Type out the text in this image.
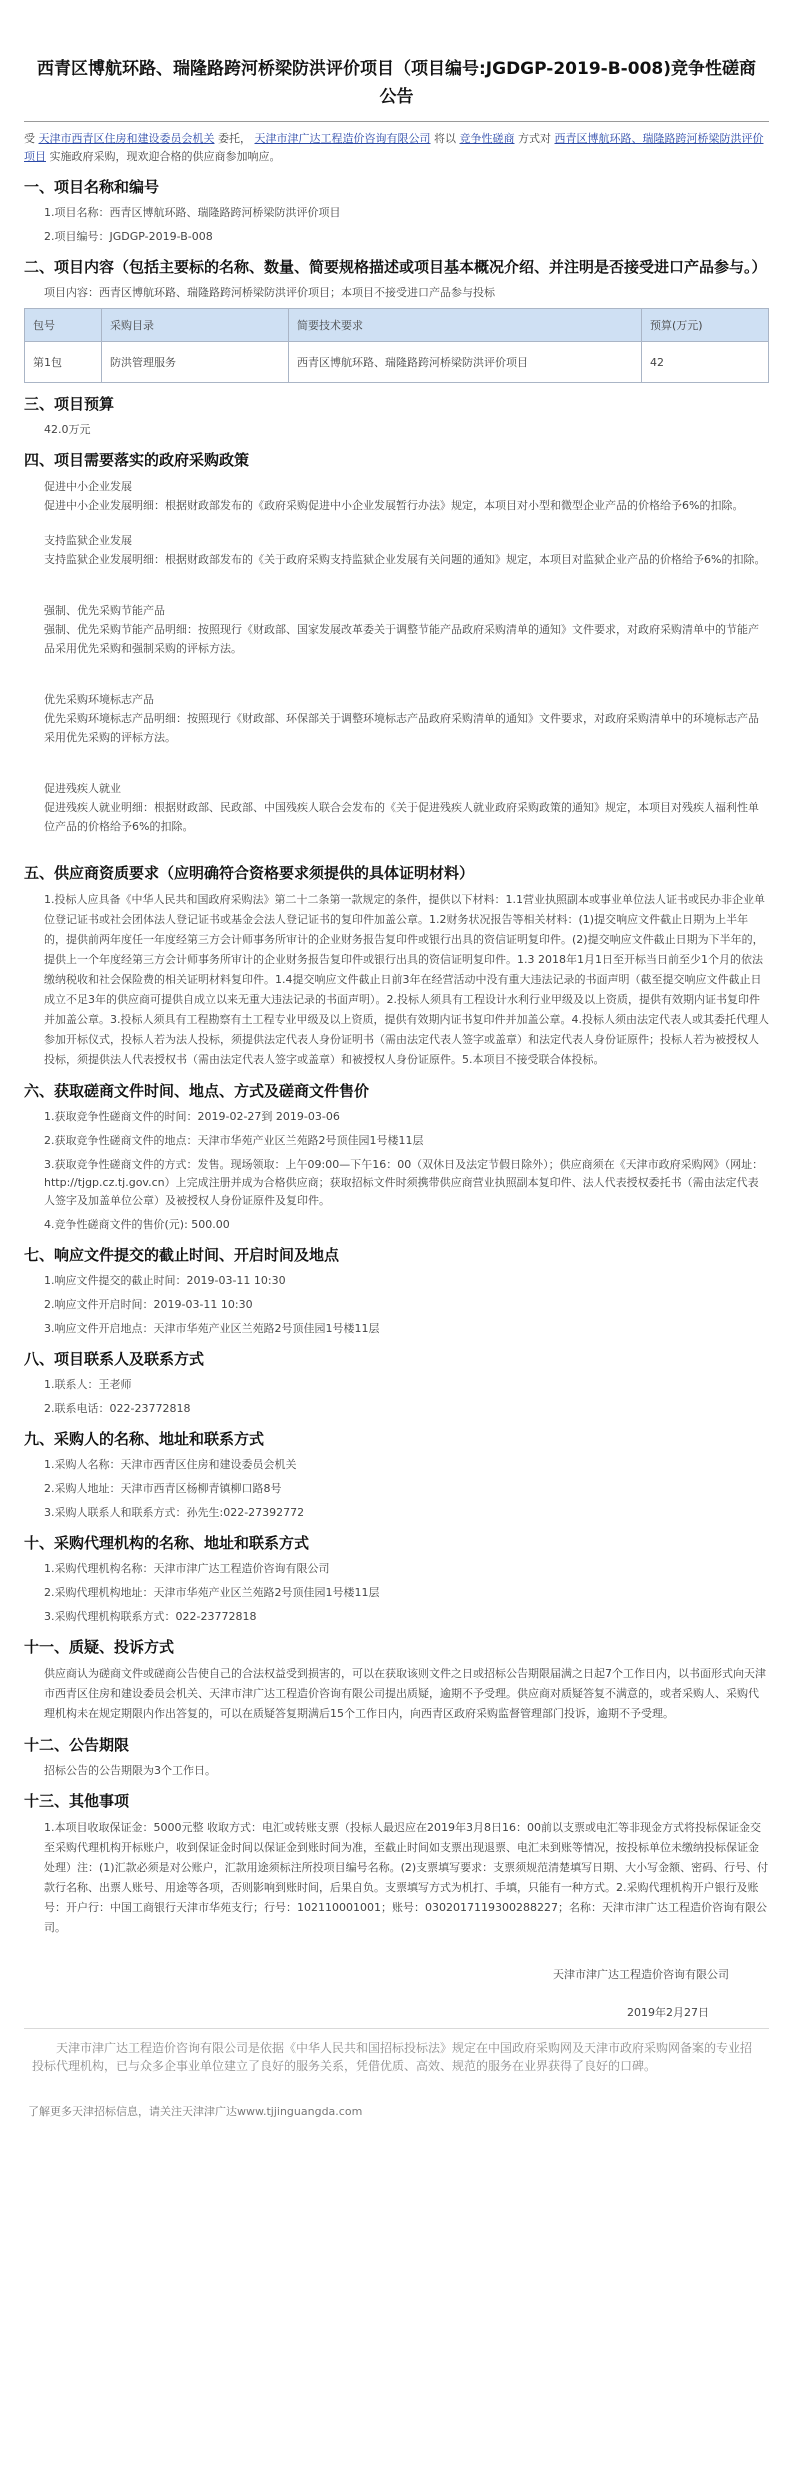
西青区博航环路、瑞隆路跨河桥梁防洪评价项目（项目编号:JGDGP-2019-B-008)竞争性磋商公告

受 天津市西青区住房和建设委员会机关 委托， 天津市津广达工程造价咨询有限公司 将以 竞争性磋商 方式对 西青区博航环路、瑞隆路跨河桥梁防洪评价项目 实施政府采购，现欢迎合格的供应商参加响应。

一、项目名称和编号
1.项目名称：西青区博航环路、瑞隆路跨河桥梁防洪评价项目
2.项目编号：JGDGP-2019-B-008
二、项目内容（包括主要标的名称、数量、简要规格描述或项目基本概况介绍、并注明是否接受进口产品参与。）
项目内容：西青区博航环路、瑞隆路跨河桥梁防洪评价项目；本项目不接受进口产品参与投标
包号	采购目录	简要技术要求	预算(万元)
第1包	防洪管理服务	西青区博航环路、瑞隆路跨河桥梁防洪评价项目	42
三、项目预算
42.0万元
四、项目需要落实的政府采购政策
促进中小企业发展
促进中小企业发展明细：根据财政部发布的《政府采购促进中小企业发展暂行办法》规定，本项目对小型和微型企业产品的价格给予6%的扣除。
支持监狱企业发展
支持监狱企业发展明细：根据财政部发布的《关于政府采购支持监狱企业发展有关问题的通知》规定，本项目对监狱企业产品的价格给予6%的扣除。
强制、优先采购节能产品
强制、优先采购节能产品明细：按照现行《财政部、国家发展改革委关于调整节能产品政府采购清单的通知》文件要求，对政府采购清单中的节能产品采用优先采购和强制采购的评标方法。
优先采购环境标志产品
优先采购环境标志产品明细：按照现行《财政部、环保部关于调整环境标志产品政府采购清单的通知》文件要求，对政府采购清单中的环境标志产品采用优先采购的评标方法。
促进残疾人就业
促进残疾人就业明细：根据财政部、民政部、中国残疾人联合会发布的《关于促进残疾人就业政府采购政策的通知》规定，本项目对残疾人福利性单位产品的价格给予6%的扣除。
五、供应商资质要求（应明确符合资格要求须提供的具体证明材料）
1.投标人应具备《中华人民共和国政府采购法》第二十二条第一款规定的条件，提供以下材料：1.1营业执照副本或事业单位法人证书或民办非企业单位登记证书或社会团体法人登记证书或基金会法人登记证书的复印件加盖公章。1.2财务状况报告等相关材料：(1)提交响应文件截止日期为上半年的，提供前两年度任一年度经第三方会计师事务所审计的企业财务报告复印件或银行出具的资信证明复印件。(2)提交响应文件截止日期为下半年的，提供上一个年度经第三方会计师事务所审计的企业财务报告复印件或银行出具的资信证明复印件。1.3 2018年1月1日至开标当日前至少1个月的依法缴纳税收和社会保险费的相关证明材料复印件。1.4提交响应文件截止日前3年在经营活动中没有重大违法记录的书面声明（截至提交响应文件截止日成立不足3年的供应商可提供自成立以来无重大违法记录的书面声明）。2.投标人须具有工程设计水利行业甲级及以上资质，提供有效期内证书复印件并加盖公章。3.投标人须具有工程勘察有土工程专业甲级及以上资质，提供有效期内证书复印件并加盖公章。4.投标人须由法定代表人或其委托代理人参加开标仪式，投标人若为法人投标，须提供法定代表人身份证明书（需由法定代表人签字或盖章）和法定代表人身份证原件；投标人若为被授权人投标，须提供法人代表授权书（需由法定代表人签字或盖章）和被授权人身份证原件。5.本项目不接受联合体投标。
六、获取磋商文件时间、地点、方式及磋商文件售价
1.获取竞争性磋商文件的时间：2019-02-27到 2019-03-06
2.获取竞争性磋商文件的地点：天津市华苑产业区兰苑路2号顶佳园1号楼11层
3.获取竞争性磋商文件的方式：发售。现场领取：上午09:00—下午16：00（双休日及法定节假日除外）；供应商须在《天津市政府采购网》（网址：http://tjgp.cz.tj.gov.cn）上完成注册并成为合格供应商；获取招标文件时须携带供应商营业执照副本复印件、法人代表授权委托书（需由法定代表人签字及加盖单位公章）及被授权人身份证原件及复印件。
4.竞争性磋商文件的售价(元): 500.00
七、响应文件提交的截止时间、开启时间及地点
1.响应文件提交的截止时间：2019-03-11 10:30
2.响应文件开启时间：2019-03-11 10:30
3.响应文件开启地点：天津市华苑产业区兰苑路2号顶佳园1号楼11层
八、项目联系人及联系方式
1.联系人：王老师
2.联系电话：022-23772818
九、采购人的名称、地址和联系方式
1.采购人名称：天津市西青区住房和建设委员会机关
2.采购人地址：天津市西青区杨柳青镇柳口路8号
3.采购人联系人和联系方式：孙先生:022-27392772
十、采购代理机构的名称、地址和联系方式
1.采购代理机构名称：天津市津广达工程造价咨询有限公司
2.采购代理机构地址：天津市华苑产业区兰苑路2号顶佳园1号楼11层
3.采购代理机构联系方式：022-23772818
十一、质疑、投诉方式
供应商认为磋商文件或磋商公告使自己的合法权益受到损害的，可以在获取该则文件之日或招标公告期限届满之日起7个工作日内，以书面形式向天津市西青区住房和建设委员会机关、天津市津广达工程造价咨询有限公司提出质疑，逾期不予受理。供应商对质疑答复不满意的，或者采购人、采购代理机构未在规定期限内作出答复的，可以在质疑答复期满后15个工作日内，向西青区政府采购监督管理部门投诉，逾期不予受理。
十二、公告期限
招标公告的公告期限为3个工作日。
十三、其他事项
1.本项目收取保证金：5000元整 收取方式：电汇或转账支票（投标人最迟应在2019年3月8日16：00前以支票或电汇等非现金方式将投标保证金交至采购代理机构开标账户，收到保证金时间以保证金到账时间为准，至截止时间如支票出现退票、电汇未到账等情况，按投标单位未缴纳投标保证金处理）注：(1)汇款必须是对公账户，汇款用途须标注所投项目编号名称。(2)支票填写要求：支票须规范清楚填写日期、大小写金额、密码、行号、付款行名称、出票人账号、用途等各项，否则影响到账时间，后果自负。支票填写方式为机打、手填，只能有一种方式。2.采购代理机构开户银行及账号：开户行：中国工商银行天津市华苑支行；行号：102110001001；账号：0302017119300288227；名称：天津市津广达工程造价咨询有限公司。
天津市津广达工程造价咨询有限公司
2019年2月27日
天津市津广达工程造价咨询有限公司是依据《中华人民共和国招标投标法》规定在中国政府采购网及天津市政府采购网备案的专业招投标代理机构，已与众多企事业单位建立了良好的服务关系，凭借优质、高效、规范的服务在业界获得了良好的口碑。
了解更多天津招标信息，请关注天津津广达www.tjjinguangda.com
